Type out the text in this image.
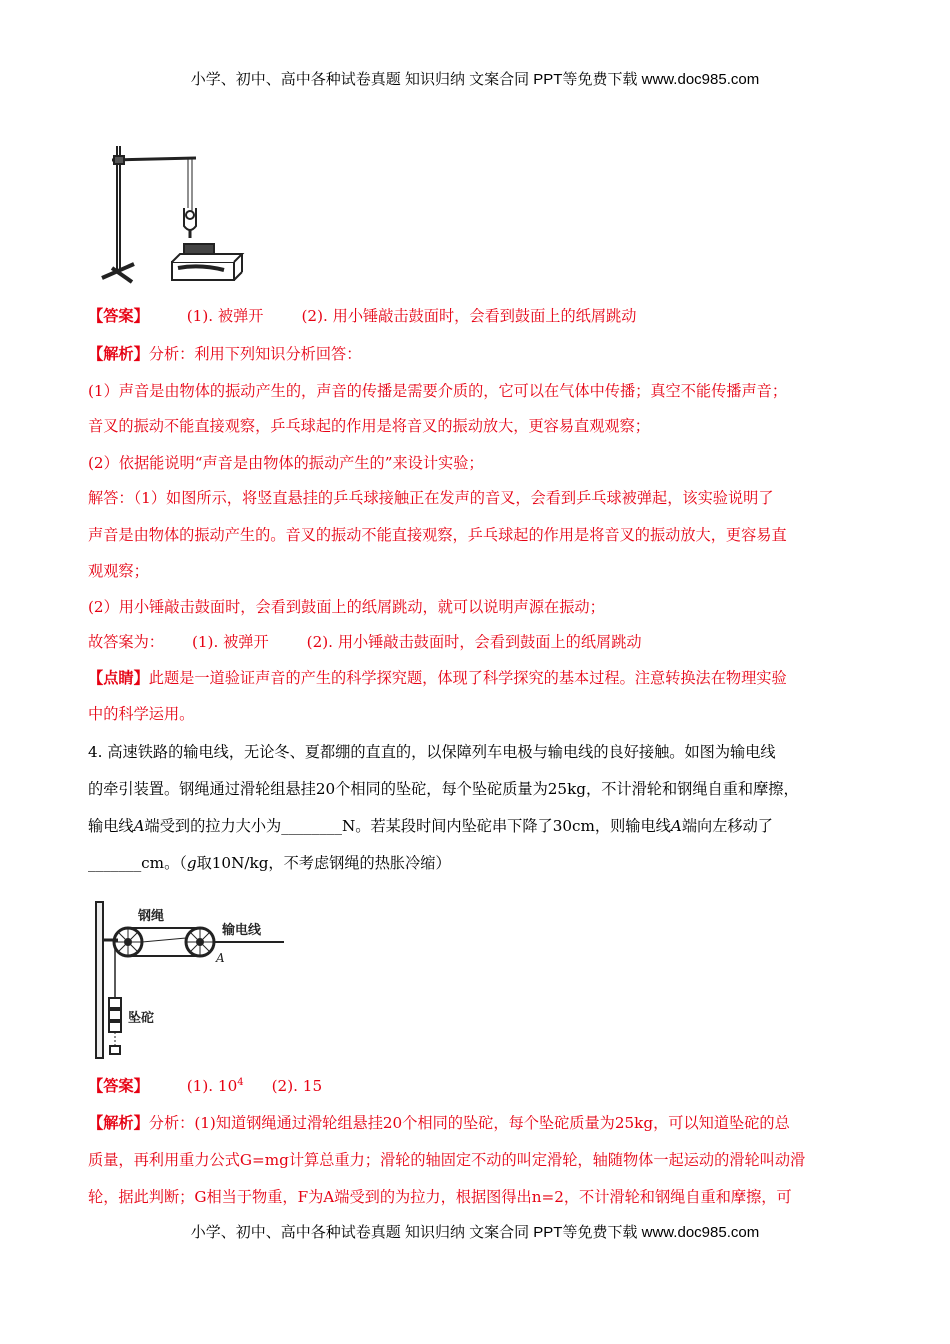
小学、初中、高中各种试卷真题 知识归纳 文案合同 PPT等免费下载 www.doc985.com
【答案】	(1). 被弹开	(2). 用小锤敲击鼓面时，会看到鼓面上的纸屑跳动
【解析】分析：利用下列知识分析回答：
(1）声音是由物体的振动产生的，声音的传播是需要介质的，它可以在气体中传播；真空不能传播声音；
音叉的振动不能直接观察，乒乓球起的作用是将音叉的振动放大，更容易直观观察；
(2）依据能说明“声音是由物体的振动产生的”来设计实验；
解答：（1）如图所示，将竖直悬挂的乒乓球接触正在发声的音叉，会看到乒乓球被弹起，该实验说明了
声音是由物体的振动产生的。音叉的振动不能直接观察，乒乓球起的作用是将音叉的振动放大，更容易直
观观察；
(2）用小锤敲击鼓面时，会看到鼓面上的纸屑跳动，就可以说明声源在振动；
故答案为： (1). 被弹开	(2). 用小锤敲击鼓面时，会看到鼓面上的纸屑跳动
【点睛】此题是一道验证声音的产生的科学探究题，体现了科学探究的基本过程。注意转换法在物理实验
中的科学运用。
4. 高速铁路的输电线，无论冬、夏都绷的直直的，以保障列车电极与输电线的良好接触。如图为输电线
的牵引装置。钢绳通过滑轮组悬挂20个相同的坠砣，每个坠砣质量为25kg，不计滑轮和钢绳自重和摩擦，
输电线A端受到的拉力大小为________N。若某段时间内坠砣串下降了30cm，则输电线A端向左移动了
_______cm。（g取10N/kg，不考虑钢绳的热胀冷缩）
钢绳
输电线
A
坠砣
【答案】	(1). $10^4$ (2). 15
【解析】分析：(1)知道钢绳通过滑轮组悬挂20个相同的坠砣，每个坠砣质量为25kg，可以知道坠砣的总
质量，再利用重力公式G=mg计算总重力；滑轮的轴固定不动的叫定滑轮，轴随物体一起运动的滑轮叫动滑
轮，据此判断；G相当于物重，F为A端受到的为拉力，根据图得出n=2，不计滑轮和钢绳自重和摩擦，可
小学、初中、高中各种试卷真题 知识归纳 文案合同 PPT等免费下载 www.doc985.com
